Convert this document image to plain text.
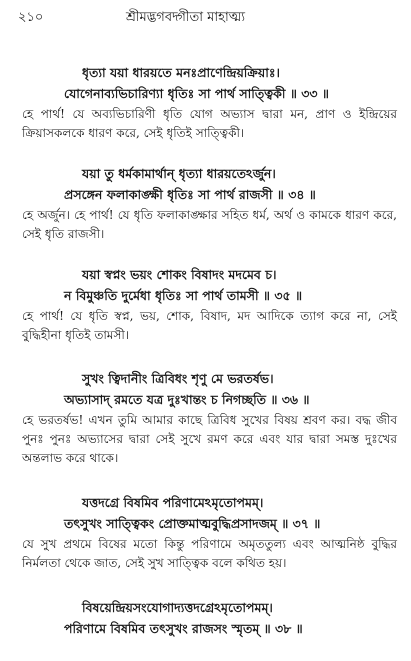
২১০	শ্রীমদ্ভগবদ্গীতা মাহাত্ম্য
ধৃত্যা যয়া ধারয়তে মনঃপ্রাণেন্দ্রিয়ক্রিয়াঃ।
যোগেনাব্যভিচারিণ্যা ধৃতিঃ সা পার্থ সাত্ত্বিকী ॥ ৩৩ ॥
হে পার্থ! যে অব্যভিচারিণী ধৃতি যোগ অভ্যাস দ্বারা মন, প্রাণ ও ইন্দ্রিয়ের ক্রিয়াসকলকে ধারণ করে, সেই ধৃতিই সাত্ত্বিকী।
যয়া তু ধর্মকামার্থান্ ধৃত্যা ধারয়তেঽর্জুন।
প্রসঙ্গেন ফলাকাঙ্ক্ষী ধৃতিঃ সা পার্থ রাজসী ॥ ৩৪ ॥
হে অর্জুন। হে পার্থ! যে ধৃতি ফলাকাঙ্ক্ষার সহিত ধর্ম, অর্থ ও কামকে ধারণ করে, সেই ধৃতি রাজসী।
যয়া স্বপ্নং ভয়ং শোকং বিষাদং মদমেব চ।
ন বিমুঞ্চতি দুর্মেধা ধৃতিঃ সা পার্থ তামসী ॥ ৩৫ ॥
হে পার্থ! যে ধৃতি স্বপ্ন, ভয়, শোক, বিষাদ, মদ আদিকে ত্যাগ করে না, সেই বুদ্ধিহীনা ধৃতিই তামসী।
সুখং ত্বিদানীং ত্রিবিধং শৃণু মে ভরতর্ষভ।
অভ্যাসাদ্ রমতে যত্র দুঃখান্তং চ নিগচ্ছতি ॥ ৩৬ ॥
হে ভরতর্ষভ! এখন তুমি আমার কাছে ত্রিবিধ সুখের বিষয় শ্রবণ কর। বদ্ধ জীব পুনঃ পুনঃ অভ্যাসের দ্বারা সেই সুখে রমণ করে এবং যার দ্বারা সমস্ত দুঃখের অন্তলাভ করে থাকে।
যত্তদগ্রে বিষমিব পরিণামেঽমৃতোপমম্।
তৎসুখং সাত্ত্বিকং প্রোক্তমাত্মবুদ্ধিপ্রসাদজম্ ॥ ৩৭ ॥
যে সুখ প্রথমে বিষের মতো কিন্তু পরিণামে অমৃততুল্য এবং আত্মনিষ্ঠ বুদ্ধির নির্মলতা থেকে জাত, সেই সুখ সাত্ত্বিক বলে কথিত হয়।
বিষয়েন্দ্রিয়সংযোগাদ্যত্তদগ্রেঽমৃতোপমম্।
পরিণামে বিষমিব তৎসুখং রাজসং স্মৃতম্ ॥ ৩৮ ॥
